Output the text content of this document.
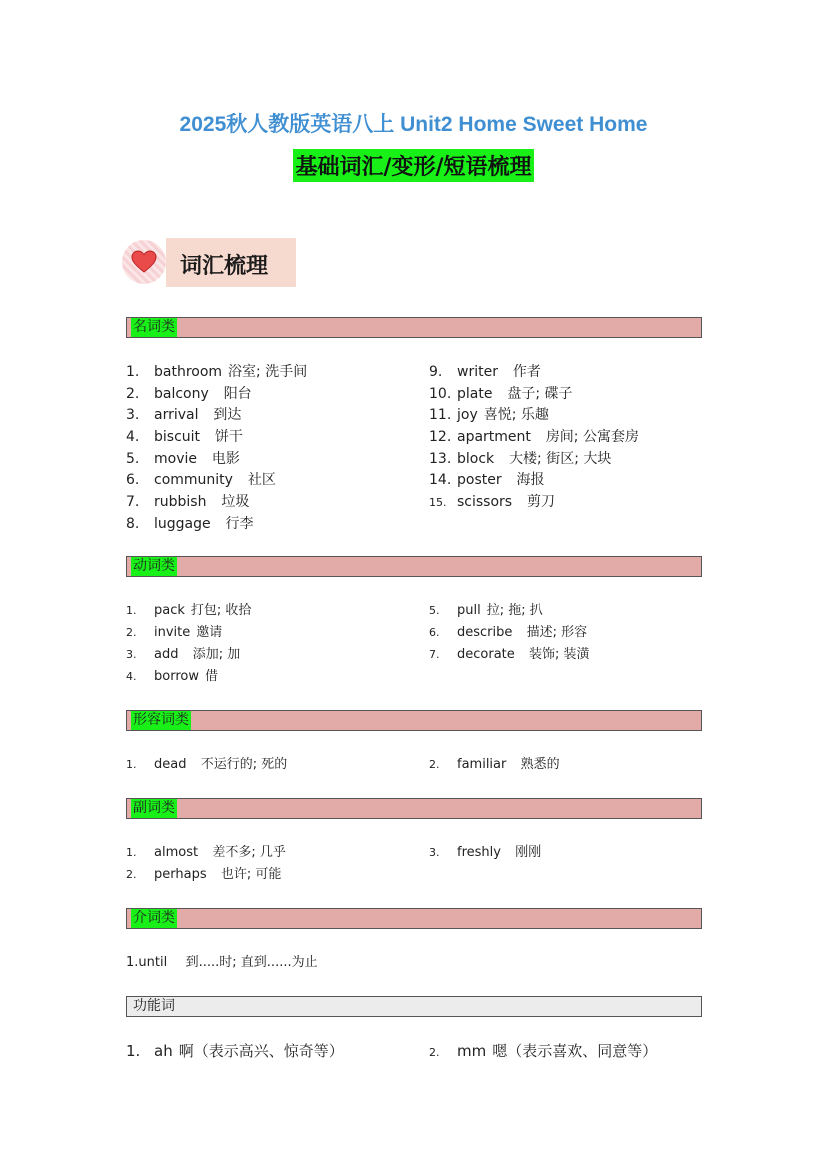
2025秋人教版英语八上 Unit2 Home Sweet Home
基础词汇/变形/短语梳理
词汇梳理
名词类
1. bathroom 浴室; 洗手间
2. balcony 阳台
3. arrival 到达
4. biscuit 饼干
5. movie 电影
6. community 社区
7. rubbish 垃圾
8. luggage 行李
9. writer 作者
10. plate 盘子; 碟子
11. joy 喜悦; 乐趣
12. apartment 房间; 公寓套房
13. block 大楼; 街区; 大块
14. poster 海报
15. scissors 剪刀
动词类
1. pack 打包; 收拾
2. invite 邀请
3. add 添加; 加
4. borrow 借
5. pull 拉; 拖; 扒
6. describe 描述; 形容
7. decorate 装饰; 装潢
形容词类
1. dead 不运行的; 死的	2. familiar 熟悉的
副词类
1. almost 差不多; 几乎
2. perhaps 也许; 可能
3. freshly 刚刚
介词类
1.until 到.....时; 直到......为止
功能词
1. ah 啊（表示高兴、惊奇等）	2. mm 嗯（表示喜欢、同意等）
